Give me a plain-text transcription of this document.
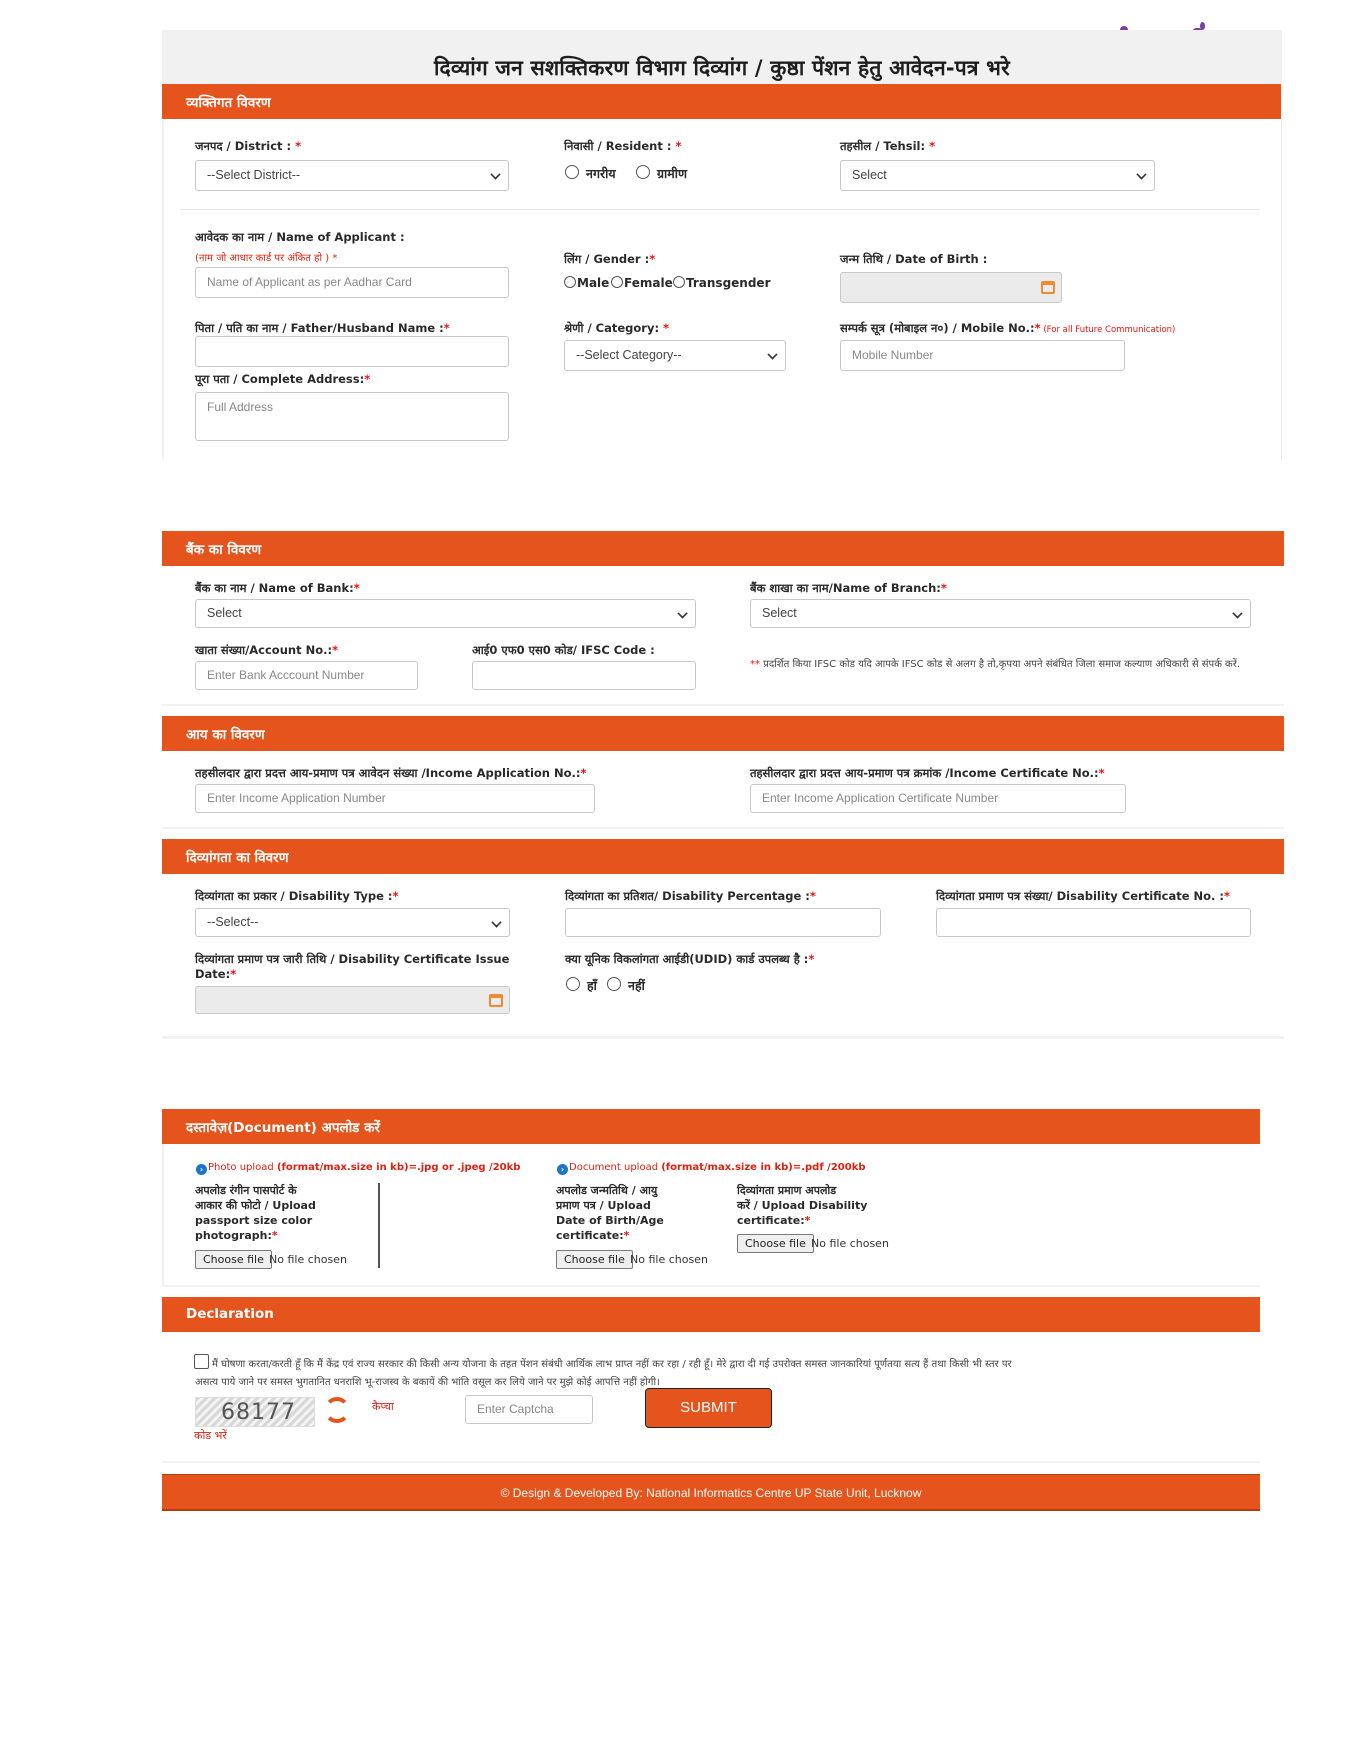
दिव्यांग जन सशक्तिकरण विभाग दिव्यांग / कुष्ठा पेंशन हेतु आवेदन-पत्र भरे
व्यक्तिगत विवरण
जनपद / District : *
--Select District--
निवासी / Resident : *
नगरीय	ग्रामीण
तहसील / Tehsil: *
Select
आवेदक का नाम / Name of Applicant :
(नाम जो आधार कार्ड पर अंकित हो ) *
Name of Applicant as per Aadhar Card
लिंग / Gender :*
Male Female Transgender
जन्म तिथि / Date of Birth :
पिता / पति का नाम / Father/Husband Name :*	श्रेणी / Category: *
--Select Category--
सम्पर्क सूत्र (मोबाइल न०) / Mobile No.:* (For all Future Communication)
Mobile Number
पूरा पता / Complete Address:*
Full Address
बैंक का विवरण
बैंक का नाम / Name of Bank:*
Select
बैंक शाखा का नाम/Name of Branch:*
Select
खाता संख्या/Account No.:*
Enter Bank Acccount Number
आई0 एफ0 एस0 कोड/ IFSC Code :
** प्रदर्शित किया IFSC कोड यदि आपके IFSC कोड से अलग है तो,कृपया अपने संबंधित जिला समाज कल्याण अधिकारी से संपर्क करें.
आय का विवरण
तहसीलदार द्वारा प्रदत्त आय-प्रमाण पत्र आवेदन संख्या /Income Application No.:*
Enter Income Application Number
तहसीलदार द्वारा प्रदत्त आय-प्रमाण पत्र क्रमांक /Income Certificate No.:*
Enter Income Application Certificate Number
दिव्यांगता का विवरण
दिव्यांगता का प्रकार / Disability Type :*
--Select--
दिव्यांगता का प्रतिशत/ Disability Percentage :*	दिव्यांगता प्रमाण पत्र संख्या/ Disability Certificate No. :*
दिव्यांगता प्रमाण पत्र जारी तिथि / Disability Certificate Issue
Date:*
क्या यूनिक विकलांगता आईडी(UDID) कार्ड उपलब्ध है :*
हाँ नहीं
दस्तावेज़(Document) अपलोड करें
› Photo upload (format/max.size in kb)=.jpg or .jpeg /20kb	› Document upload (format/max.size in kb)=.pdf /200kb
अपलोड रंगीन पासपोर्ट के
आकार की फोटो / Upload
passport size color
photograph:*
Choose file No file chosen
अपलोड जन्मतिथि / आयु
प्रमाण पत्र / Upload
Date of Birth/Age
certificate:*
Choose file No file chosen
दिव्यांगता प्रमाण अपलोड
करें / Upload Disability
certificate:*
Choose file No file chosen
Declaration
मैं घोषणा करता/करती हूँ कि मैं केंद्र एवं राज्य सरकार की किसी अन्य योजना के तहत पेंशन संबंधी आर्थिक लाभ प्राप्त नहीं कर रहा / रही हूँ। मेरे द्वारा दी गई उपरोक्त समस्त जानकारियां पूर्णतया सत्य हैं तथा किसी भी स्तर पर
असत्य पाये जाने पर समस्त भुगतानित धनराशि भू-राजस्व के बकायें की भांति वसूल कर लिये जाने पर मुझे कोई आपत्ति नहीं होगी।
68177	कैप्चा
कोड भरें
Enter Captcha	SUBMIT
© Design & Developed By: National Informatics Centre UP State Unit, Lucknow
